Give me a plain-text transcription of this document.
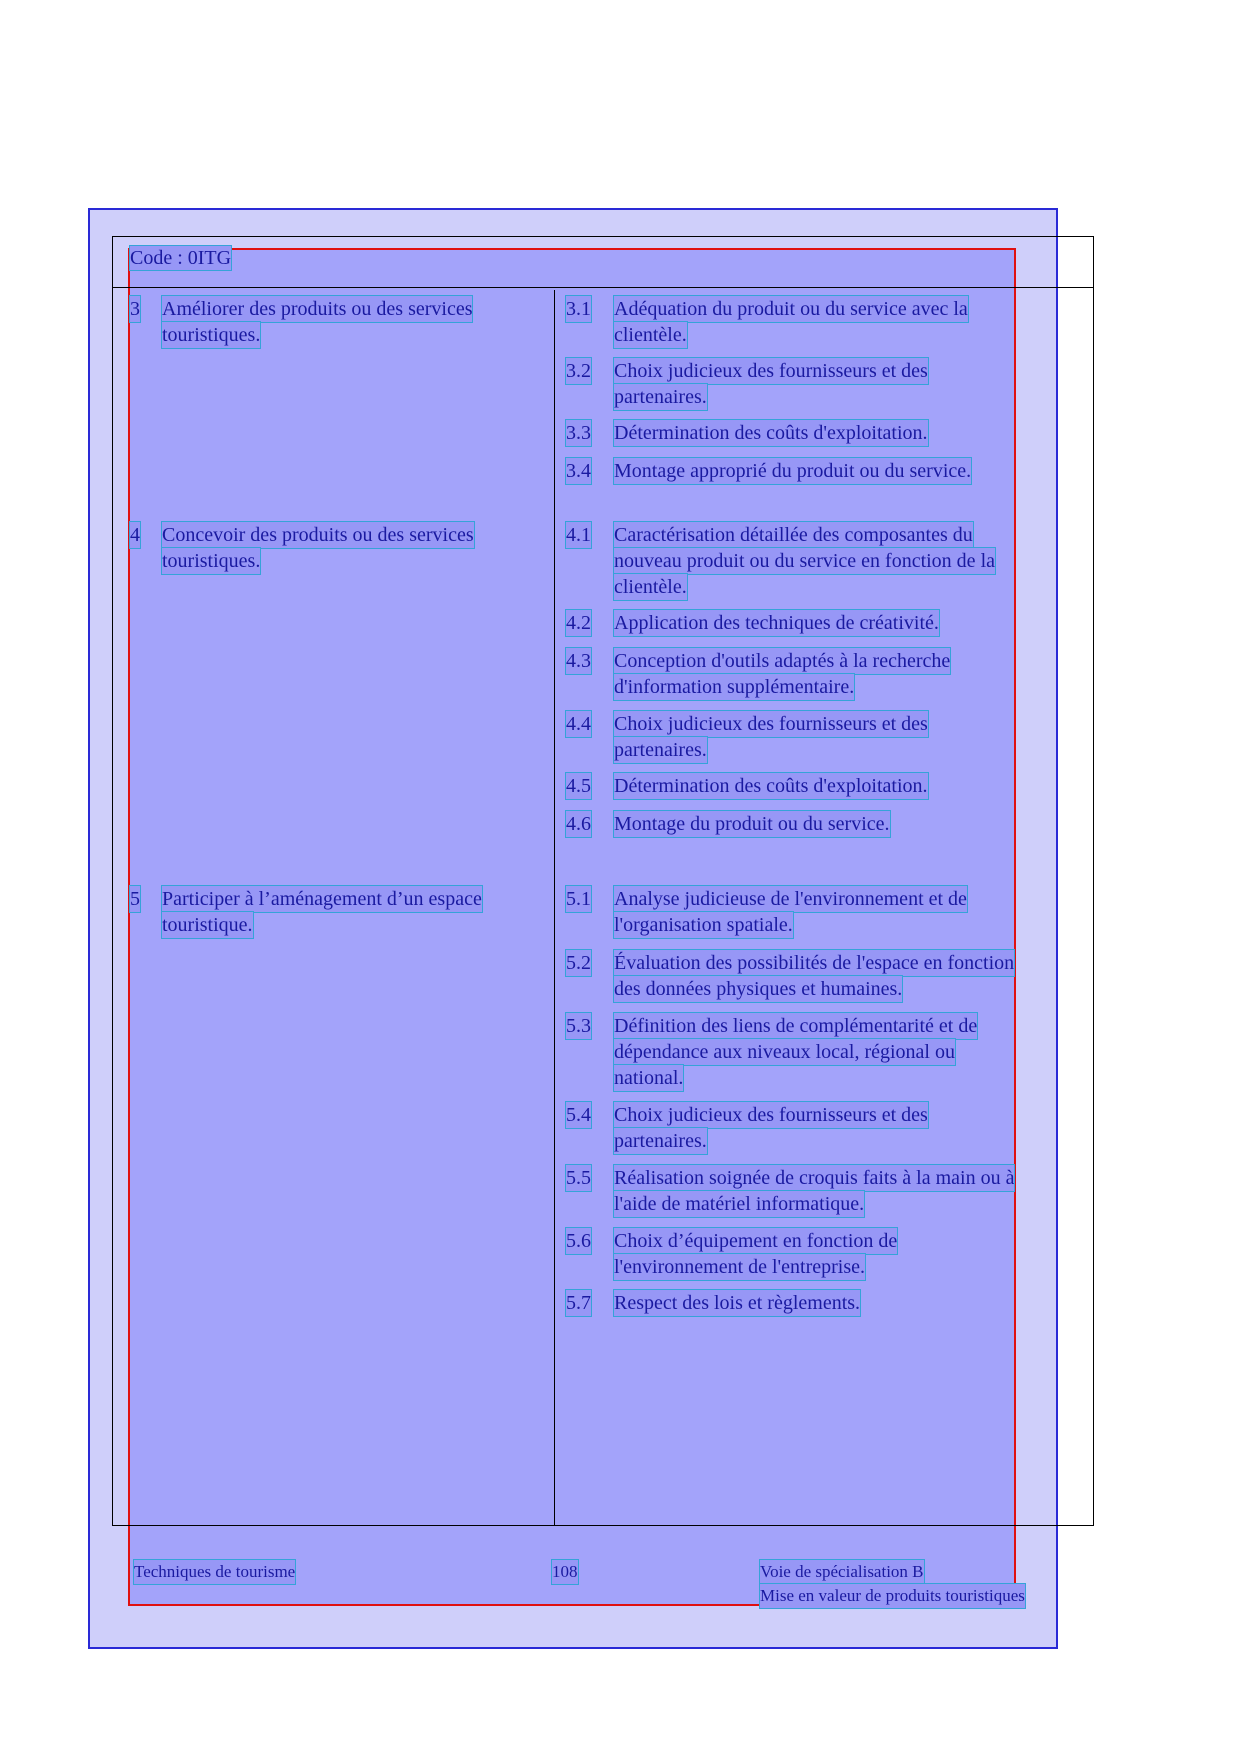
Code : 0ITG
3	Améliorer des produits ou des services
touristiques.
3.1	Adéquation du produit ou du service avec la
clientèle.
3.2	Choix judicieux des fournisseurs et des
partenaires.
3.3	Détermination des coûts d'exploitation.
3.4	Montage approprié du produit ou du service.
4	Concevoir des produits ou des services
touristiques.
4.1	Caractérisation détaillée des composantes du
nouveau produit ou du service en fonction de la
clientèle.
4.2	Application des techniques de créativité.
4.3	Conception d'outils adaptés à la recherche
d'information supplémentaire.
4.4	Choix judicieux des fournisseurs et des
partenaires.
4.5	Détermination des coûts d'exploitation.
4.6	Montage du produit ou du service.
5	Participer à l’aménagement d’un espace
touristique.
5.1	Analyse judicieuse de l'environnement et de
l'organisation spatiale.
5.2	Évaluation des possibilités de l'espace en fonction
des données physiques et humaines.
5.3	Définition des liens de complémentarité et de
dépendance aux niveaux local, régional ou
national.
5.4	Choix judicieux des fournisseurs et des
partenaires.
5.5	Réalisation soignée de croquis faits à la main ou à
l'aide de matériel informatique.
5.6	Choix d’équipement en fonction de
l'environnement de l'entreprise.
5.7	Respect des lois et règlements.
Techniques de tourisme	108	Voie de spécialisation B
Mise en valeur de produits touristiques
